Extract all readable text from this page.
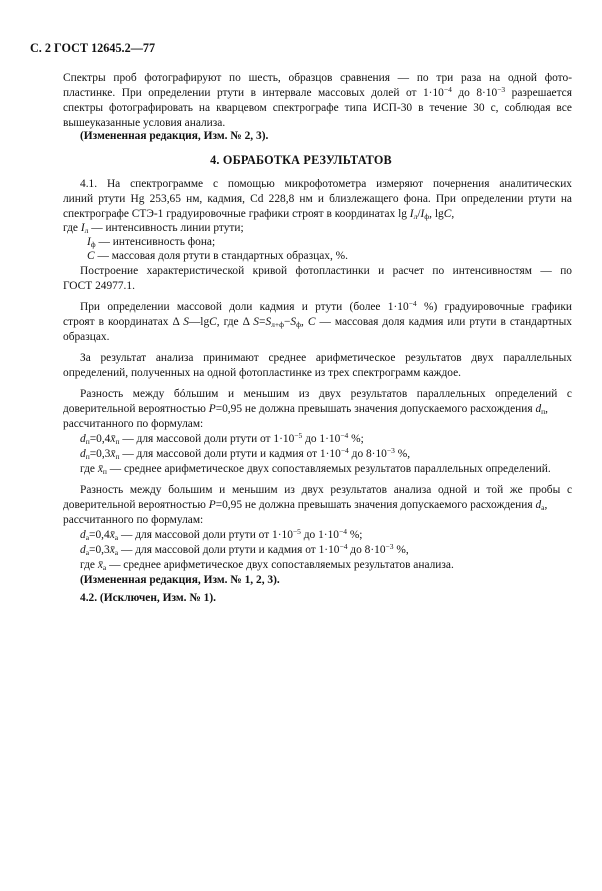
С. 2 ГОСТ 12645.2—77
Спектры проб фотографируют по шесть, образцов сравнения — по три раза на одной фото-
пластинке. При определении ртути в интервале массовых долей от $1\cdot 10^{-4}$ до $8\cdot 10^{-3}$ разрешается
спектры фотографировать на кварцевом спектрографе типа ИСП-30 в течение 30 с, соблюдая все
вышеуказанные условия анализа.
(Измененная редакция, Изм. № 2, 3).
4. ОБРАБОТКА РЕЗУЛЬТАТОВ
4.1. На спектрограмме с помощью микрофотометра измеряют почернения аналитических
линий ртути Hg 253,65 нм, кадмия, Cd 228,8 нм и близлежащего фона. При определении ртути на
спектрографе СТЭ-1 градуировочные графики строят в координатах $\lg I_л/I_ф$, lgC,
где $I_л$ — интенсивность линии ртути;
$I_ф$ — интенсивность фона;
C — массовая доля ртути в стандартных образцах, %.
Построение характеристической кривой фотопластинки и расчет по интенсивностям — по
ГОСТ 24977.1.
При определении массовой доли кадмия и ртути (более $1\cdot 10^{-4}$ %) градуировочные графики
строят в координатах Δ S—lgC, где Δ $S=S_{л+ф}-S_ф$, C — массовая доля кадмия или ртути в стандартных
образцах.
За результат анализа принимают среднее арифметическое результатов двух параллельных
определений, полученных на одной фотопластинке из трех спектрограмм каждое.
Разность между бóльшим и меньшим из двух результатов параллельных определений с
доверительной вероятностью P=0,95 не должна превышать значения допускаемого расхождения $d_п$,
рассчитанного по формулам:
$d_п=0,4x̄_п$ — для массовой доли ртути от $1\cdot 10^{-5}$ до $1\cdot 10^{-4}$ %;
$d_п=0,3x̄_п$ — для массовой доли ртути и кадмия от $1\cdot 10^{-4}$ до $8\cdot 10^{-3}$ %,
где $x̄_п$ — среднее арифметическое двух сопоставляемых результатов параллельных определений.
Разность между большим и меньшим из двух результатов анализа одной и той же пробы с
доверительной вероятностью P=0,95 не должна превышать значения допускаемого расхождения $d_а$,
рассчитанного по формулам:
$d_а=0,4x̄_а$ — для массовой доли ртути от $1\cdot 10^{-5}$ до $1\cdot 10^{-4}$ %;
$d_а=0,3x̄_а$ — для массовой доли ртути и кадмия от $1\cdot 10^{-4}$ до $8\cdot 10^{-3}$ %,
где $x̄_а$ — среднее арифметическое двух сопоставляемых результатов анализа.
(Измененная редакция, Изм. № 1, 2, 3).
4.2. (Исключен, Изм. № 1).
